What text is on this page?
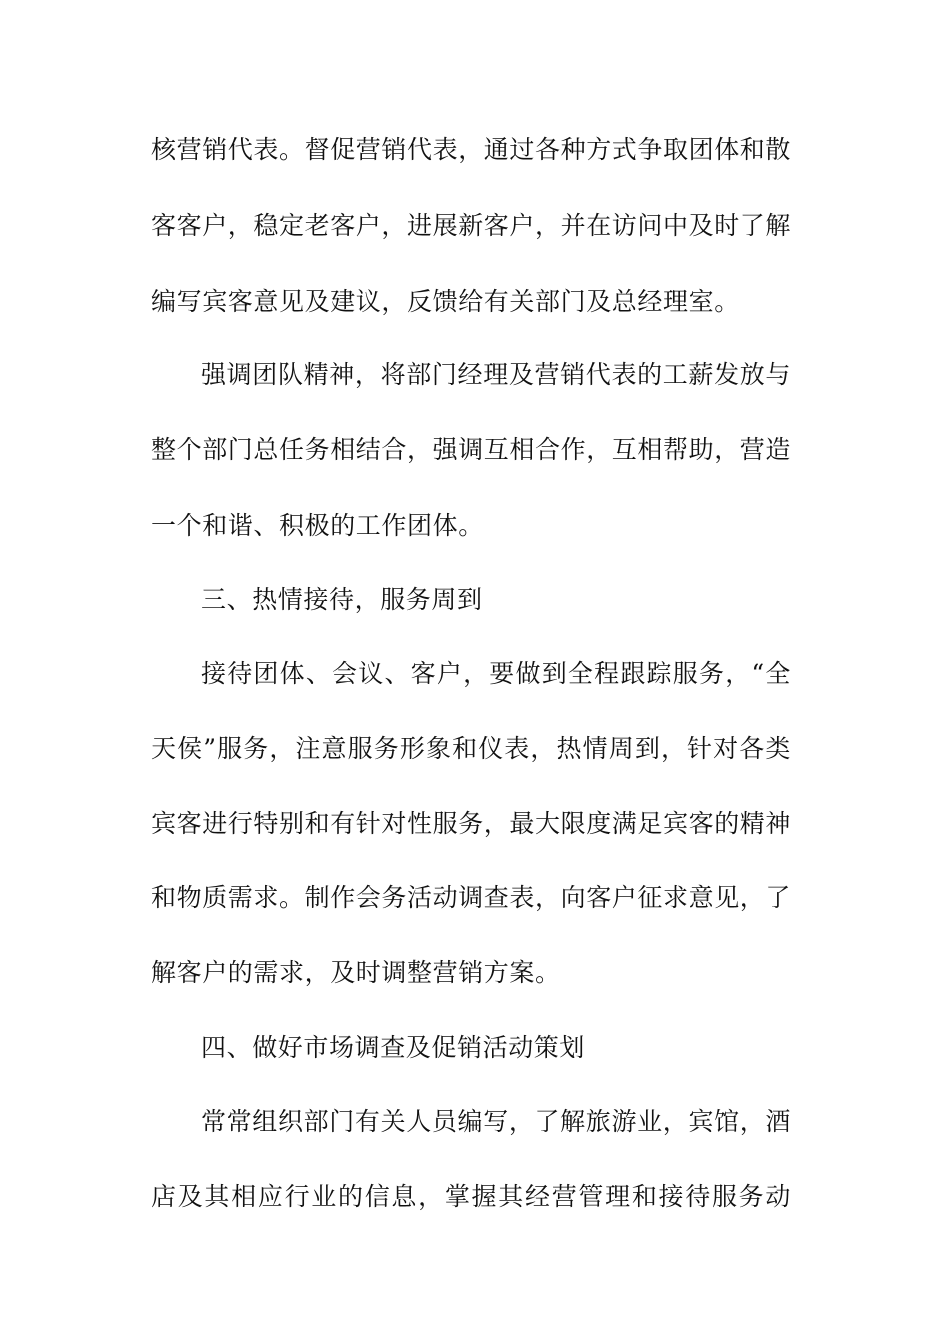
核营销代表。督促营销代表，通过各种方式争取团体和散
客客户，稳定老客户，进展新客户，并在访问中及时了解
编写宾客意见及建议，反馈给有关部门及总经理室。
强调团队精神，将部门经理及营销代表的工薪发放与
整个部门总任务相结合，强调互相合作，互相帮助，营造
一个和谐、积极的工作团体。
三、热情接待，服务周到
接待团体、会议、客户，要做到全程跟踪服务，“全
天侯”服务，注意服务形象和仪表，热情周到，针对各类
宾客进行特别和有针对性服务，最大限度满足宾客的精神
和物质需求。制作会务活动调查表，向客户征求意见，了
解客户的需求，及时调整营销方案。
四、做好市场调查及促销活动策划
常常组织部门有关人员编写，了解旅游业，宾馆，酒
店及其相应行业的信息，掌握其经营管理和接待服务动
